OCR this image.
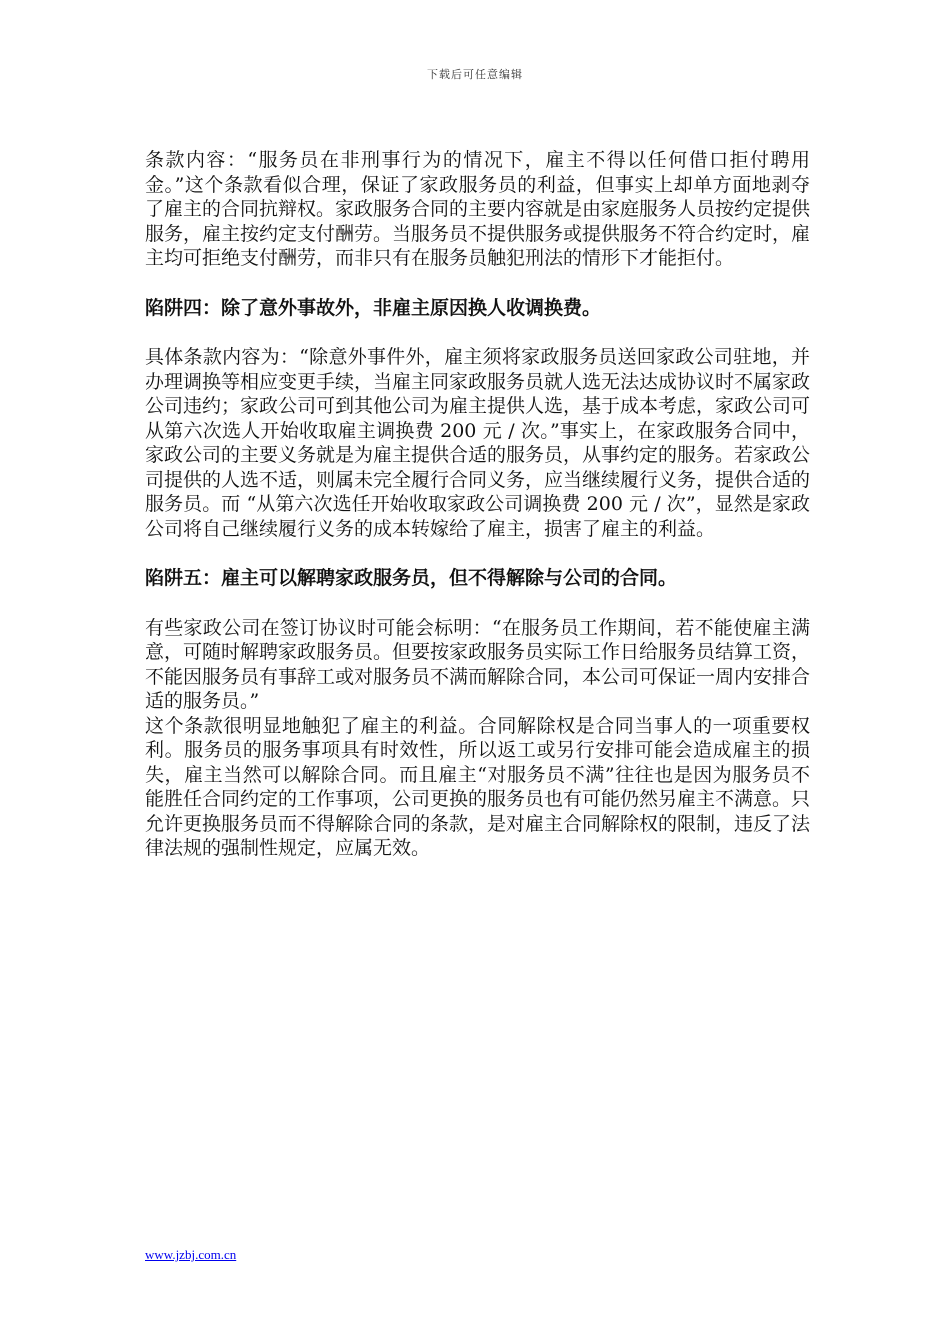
下载后可任意编辑

条款内容：“服务员在非刑事行为的情况下，雇主不得以任何借口拒付聘用金。”这个条款看似合理，保证了家政服务员的利益，但事实上却单方面地剥夺了雇主的合同抗辩权。家政服务合同的主要内容就是由家庭服务人员按约定提供服务，雇主按约定支付酬劳。当服务员不提供服务或提供服务不符合约定时，雇主均可拒绝支付酬劳，而非只有在服务员触犯刑法的情形下才能拒付。

陷阱四：除了意外事故外，非雇主原因换人收调换费。

具体条款内容为：“除意外事件外，雇主须将家政服务员送回家政公司驻地，并办理调换等相应变更手续，当雇主同家政服务员就人选无法达成协议时不属家政公司违约；家政公司可到其他公司为雇主提供人选，基于成本考虑，家政公司可从第六次选人开始收取雇主调换费 200 元 / 次。”事实上，在家政服务合同中，家政公司的主要义务就是为雇主提供合适的服务员，从事约定的服务。若家政公司提供的人选不适，则属未完全履行合同义务，应当继续履行义务，提供合适的服务员。而 “从第六次选任开始收取家政公司调换费 200 元 / 次”，显然是家政公司将自己继续履行义务的成本转嫁给了雇主，损害了雇主的利益。

陷阱五：雇主可以解聘家政服务员，但不得解除与公司的合同。

有些家政公司在签订协议时可能会标明：“在服务员工作期间，若不能使雇主满意，可随时解聘家政服务员。但要按家政服务员实际工作日给服务员结算工资，不能因服务员有事辞工或对服务员不满而解除合同，本公司可保证一周内安排合适的服务员。”

这个条款很明显地触犯了雇主的利益。合同解除权是合同当事人的一项重要权利。服务员的服务事项具有时效性，所以返工或另行安排可能会造成雇主的损失，雇主当然可以解除合同。而且雇主“对服务员不满”往往也是因为服务员不能胜任合同约定的工作事项，公司更换的服务员也有可能仍然另雇主不满意。只允许更换服务员而不得解除合同的条款，是对雇主合同解除权的限制，违反了法律法规的强制性规定，应属无效。

www.jzbj.com.cn
